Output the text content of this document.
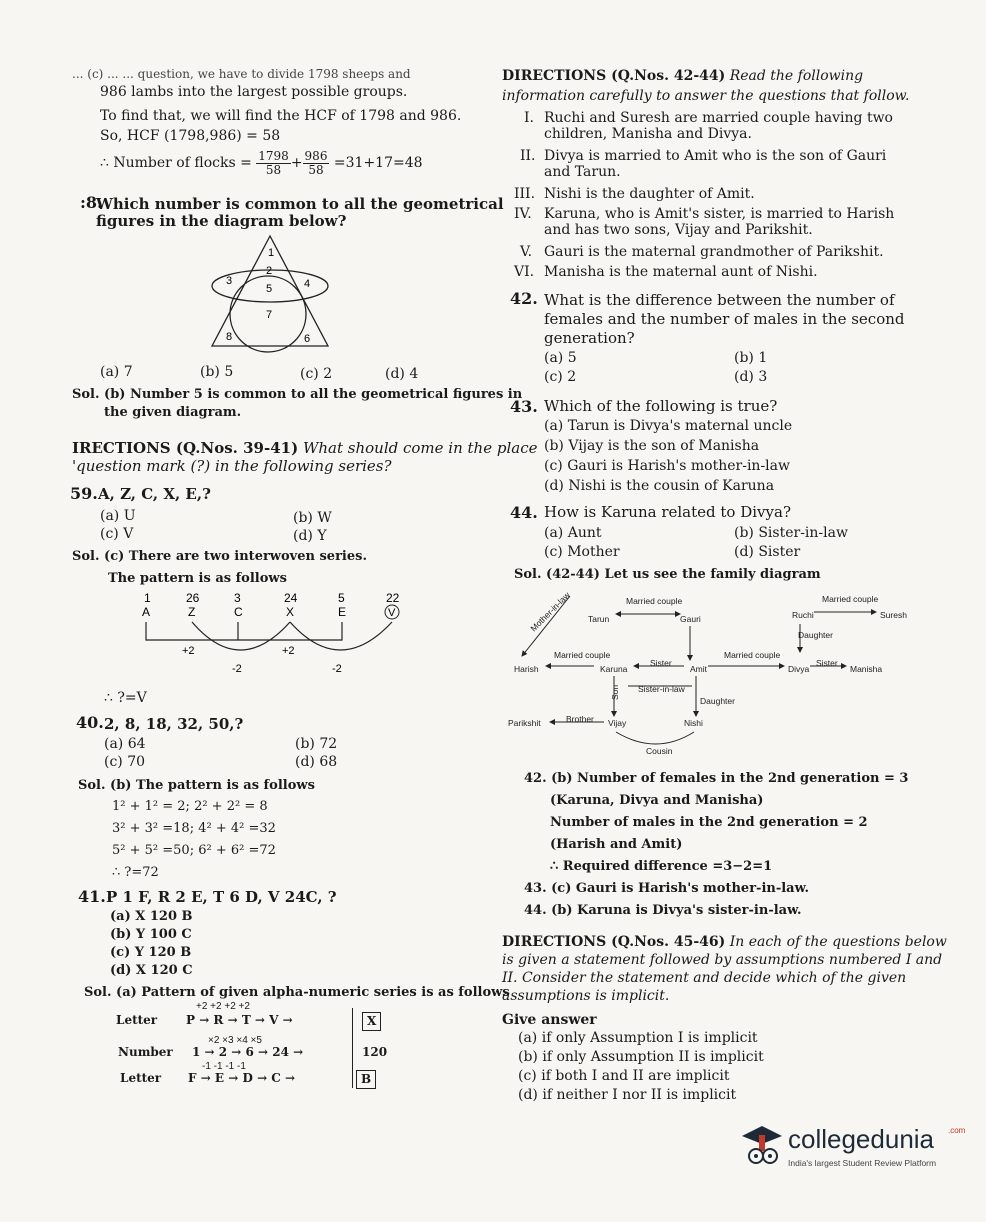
... (c) ... ... question, we have to divide 1798 sheeps and
986 lambs into the largest possible groups.
To find that, we will find the HCF of 1798 and 986.
So, HCF (1798,986) = 58
∴ Number of flocks = $\frac{1798}{58} + \frac{986}{58} =31+17=48$
:8.
Which number is common to all the geometrical
figures in the diagram below?
1
2
3	4
5
7
8	6
(a) 7	(b) 5	(c) 2	(d) 4
Sol. (b) Number 5 is common to all the geometrical figures in
the given diagram.
IRECTIONS (Q.Nos. 39-41) What should come in the place
'question mark (?) in the following series?
59. A, Z, C, X, E,?
(a) U	(b) W
(c) V	(d) Y
Sol. (c) There are two interwoven series.
The pattern is as follows
1	26	3	24	5	22
A	Z	C	X	E	V
+2	+2
-2	-2
∴ ?=V
40. 2, 8, 18, 32, 50,?
(a) 64	(b) 72
(c) 70	(d) 68
Sol. (b) The pattern is as follows
1² + 1² = 2; 2² + 2² = 8
3² + 3² =18; 4² + 4² =32
5² + 5² =50; 6² + 6² =72
∴ ?=72
41. P 1 F, R 2 E, T 6 D, V 24C, ?
(a) X 120 B
(b) Y 100 C
(c) Y 120 B
(d) X 120 C
Sol. (a) Pattern of given alpha-numeric series is as follows
Letter
+2 +2 +2 +2
P → R → T → V →	X
Number
×2 ×3 ×4 ×5
1 → 2 → 6 → 24 →	120
Letter
-1 -1 -1 -1
F → E → D → C →	B
DIRECTIONS (Q.Nos. 42-44) Read the following
information carefully to answer the questions that follow.
I. Ruchi and Suresh are married couple having two
children, Manisha and Divya.
II. Divya is married to Amit who is the son of Gauri
and Tarun.
III. Nishi is the daughter of Amit.
IV. Karuna, who is Amit's sister, is married to Harish
and has two sons, Vijay and Parikshit.
V. Gauri is the maternal grandmother of Parikshit.
VI. Manisha is the maternal aunt of Nishi.
42. What is the difference between the number of
females and the number of males in the second
generation?
(a) 5	(b) 1
(c) 2	(d) 3
43. Which of the following is true?
(a) Tarun is Divya's maternal uncle
(b) Vijay is the son of Manisha
(c) Gauri is Harish's mother-in-law
(d) Nishi is the cousin of Karuna
44. How is Karuna related to Divya?
(a) Aunt	(b) Sister-in-law
(c) Mother	(d) Sister
Sol. (42-44) Let us see the family diagram
Mother-in-law	Married couple
Tarun	Gauri	Ruchi
Married couple
Suresh
Daughter
Married couple
Harish	Karuna
Sister
Amit
Married couple
Divya
Sister
Manisha
Son Sister-in-law
Daughter
Parikshit	Brother Vijay	Nishi
Cousin
42. (b) Number of females in the 2nd generation = 3
(Karuna, Divya and Manisha)
Number of males in the 2nd generation = 2
(Harish and Amit)
∴ Required difference =3−2=1
43. (c) Gauri is Harish's mother-in-law.
44. (b) Karuna is Divya's sister-in-law.
DIRECTIONS (Q.Nos. 45-46) In each of the questions below
is given a statement followed by assumptions numbered I and
II. Consider the statement and decide which of the given
assumptions is implicit.
Give answer
(a) if only Assumption I is implicit
(b) if only Assumption II is implicit
(c) if both I and II are implicit
(d) if neither I nor II is implicit
collegedunia .com
India's largest Student Review Platform
